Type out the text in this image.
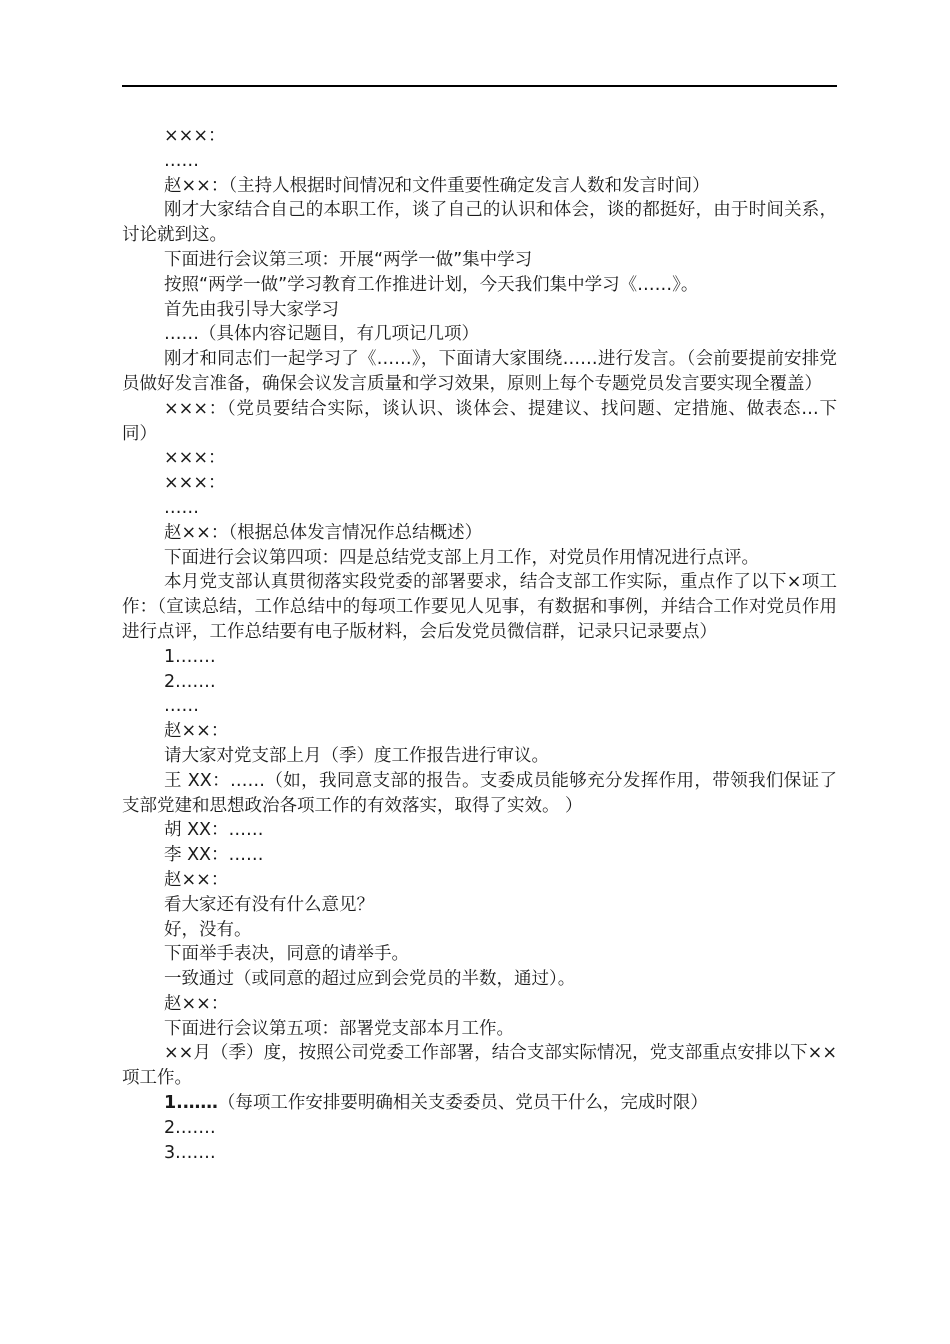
×××：

……

赵××：（主持人根据时间情况和文件重要性确定发言人数和发言时间）

刚才大家结合自己的本职工作，谈了自己的认识和体会，谈的都挺好，由于时间关系，讨论就到这。

下面进行会议第三项：开展“两学一做”集中学习

按照“两学一做”学习教育工作推进计划，今天我们集中学习《……》。

首先由我引导大家学习

……（具体内容记题目，有几项记几项）

刚才和同志们一起学习了《……》，下面请大家围绕……进行发言。（会前要提前安排党员做好发言准备，确保会议发言质量和学习效果，原则上每个专题党员发言要实现全覆盖）

×××：（党员要结合实际，谈认识、谈体会、提建议、找问题、定措施、做表态…下同）

×××：

×××：

……

赵××：（根据总体发言情况作总结概述）

下面进行会议第四项：四是总结党支部上月工作，对党员作用情况进行点评。

本月党支部认真贯彻落实段党委的部署要求，结合支部工作实际，重点作了以下×项工作：（宣读总结，工作总结中的每项工作要见人见事，有数据和事例，并结合工作对党员作用进行点评，工作总结要有电子版材料，会后发党员微信群，记录只记录要点）

1.……

2.……

……

赵××：

请大家对党支部上月（季）度工作报告进行审议。

王 XX：……（如，我同意支部的报告。支委成员能够充分发挥作用，带领我们保证了支部党建和思想政治各项工作的有效落实，取得了实效。 ）

胡 XX：……

李 XX：……

赵××：

看大家还有没有什么意见？

好，没有。

下面举手表决，同意的请举手。

一致通过（或同意的超过应到会党员的半数，通过）。

赵××：

下面进行会议第五项：部署党支部本月工作。

××月（季）度，按照公司党委工作部署，结合支部实际情况，党支部重点安排以下××项工作。

1.……（每项工作安排要明确相关支委委员、党员干什么，完成时限）

2.……

3.……
